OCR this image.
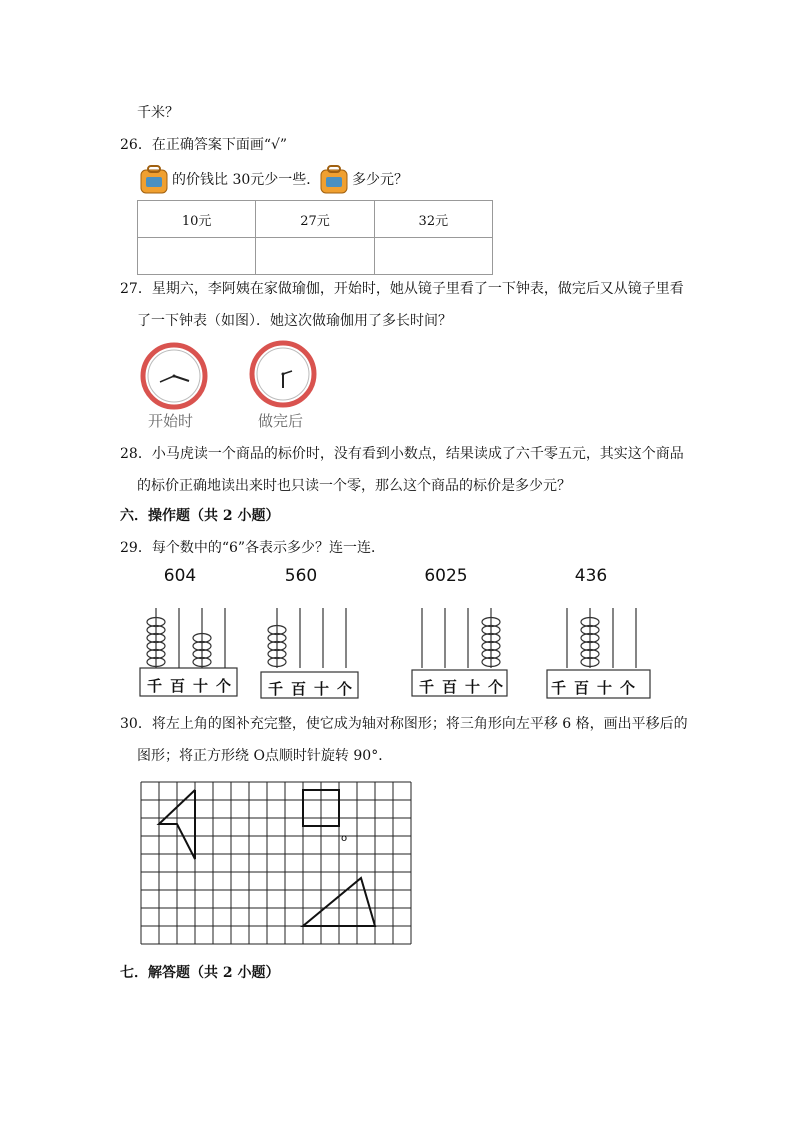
千米？
26．在正确答案下面画“√”
的价钱比 30元少一些． 多少元？
10元	27元	32元

27．星期六，李阿姨在家做瑜伽，开始时，她从镜子里看了一下钟表，做完后又从镜子里看
了一下钟表（如图）．她这次做瑜伽用了多长时间？
开始时	做完后
28．小马虎读一个商品的标价时，没有看到小数点，结果读成了六千零五元，其实这个商品
的标价正确地读出来时也只读一个零，那么这个商品的标价是多少元？
六．操作题（共 2 小题）
29．每个数中的“6”各表示多少？连一连．
604	560	6025	436
千百十个 千百十个	千百十个	千百十个
30．将左上角的图补充完整，使它成为轴对称图形；将三角形向左平移 6 格，画出平移后的
图形；将正方形绕 O点顺时针旋转 90°．
o
七．解答题（共 2 小题）
